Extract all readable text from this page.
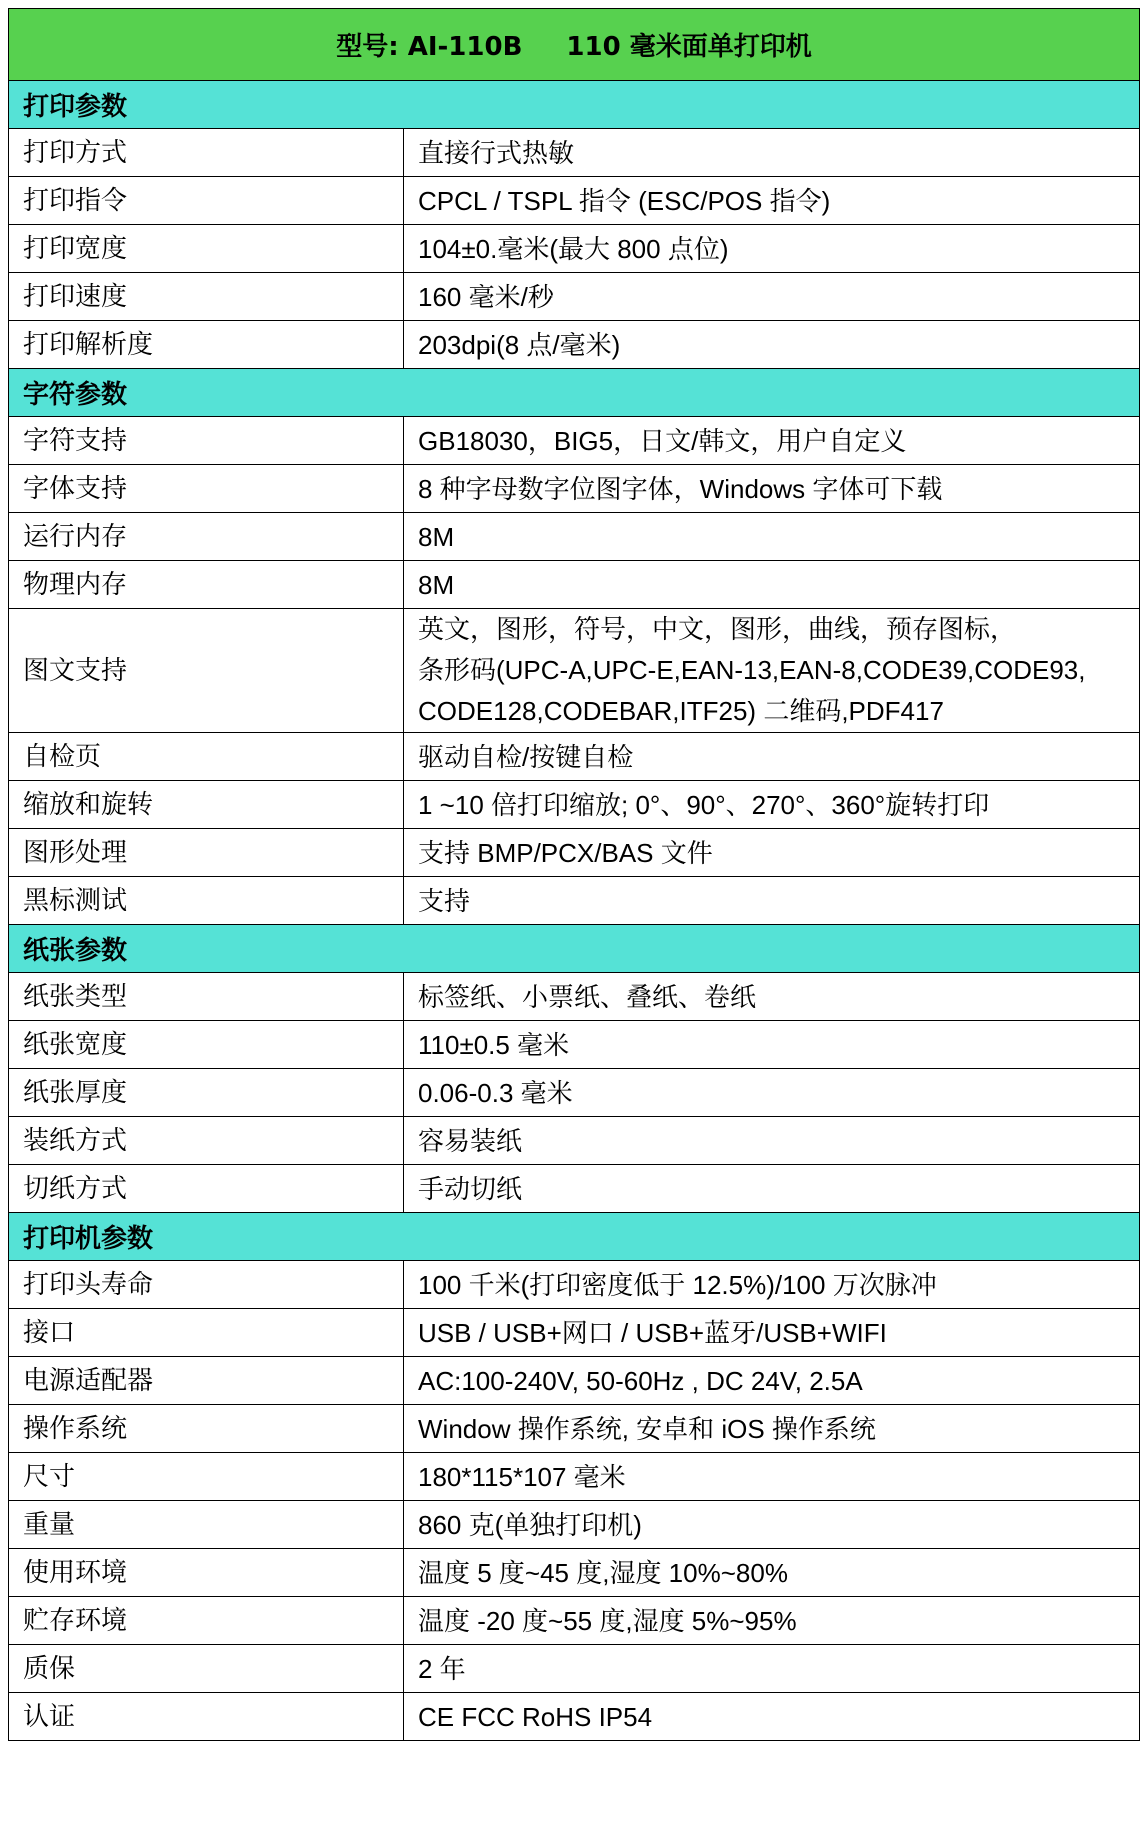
型号: AI-110B 110 毫米面单打印机	
打印参数	
打印方式	直接行式热敏
打印指令	CPCL / TSPL 指令 (ESC/POS 指令)
打印宽度	104±0.毫米(最大 800 点位)
打印速度	160 毫米/秒
打印解析度	203dpi(8 点/毫米)
字符参数	
字符支持	GB18030，BIG5，日文/韩文，用户自定义
字体支持	8 种字母数字位图字体，Windows 字体可下载
运行内存	8M
物理内存	8M
图文支持	英文，图形，符号，中文，图形，曲线，预存图标，
条形码(UPC-A,UPC-E,EAN-13,EAN-8,CODE39,CODE93,
CODE128,CODEBAR,ITF25) 二维码,PDF417

自检页	驱动自检/按键自检
缩放和旋转	1 ~10 倍打印缩放; 0°、90°、270°、360°旋转打印
图形处理	支持 BMP/PCX/BAS 文件
黑标测试	支持
纸张参数	
纸张类型	标签纸、小票纸、叠纸、卷纸
纸张宽度	110±0.5 毫米
纸张厚度	0.06-0.3 毫米
装纸方式	容易装纸
切纸方式	手动切纸
打印机参数	
打印头寿命	100 千米(打印密度低于 12.5%)/100 万次脉冲
接口	USB / USB+网口 / USB+蓝牙/USB+WIFI
电源适配器	AC:100-240V, 50-60Hz , DC 24V, 2.5A
操作系统	Window 操作系统, 安卓和 iOS 操作系统
尺寸	180*115*107 毫米
重量	860 克(单独打印机)
使用环境	温度 5 度~45 度,湿度 10%~80%
贮存环境	温度 -20 度~55 度,湿度 5%~95%
质保	2 年
认证	CE FCC RoHS IP54
